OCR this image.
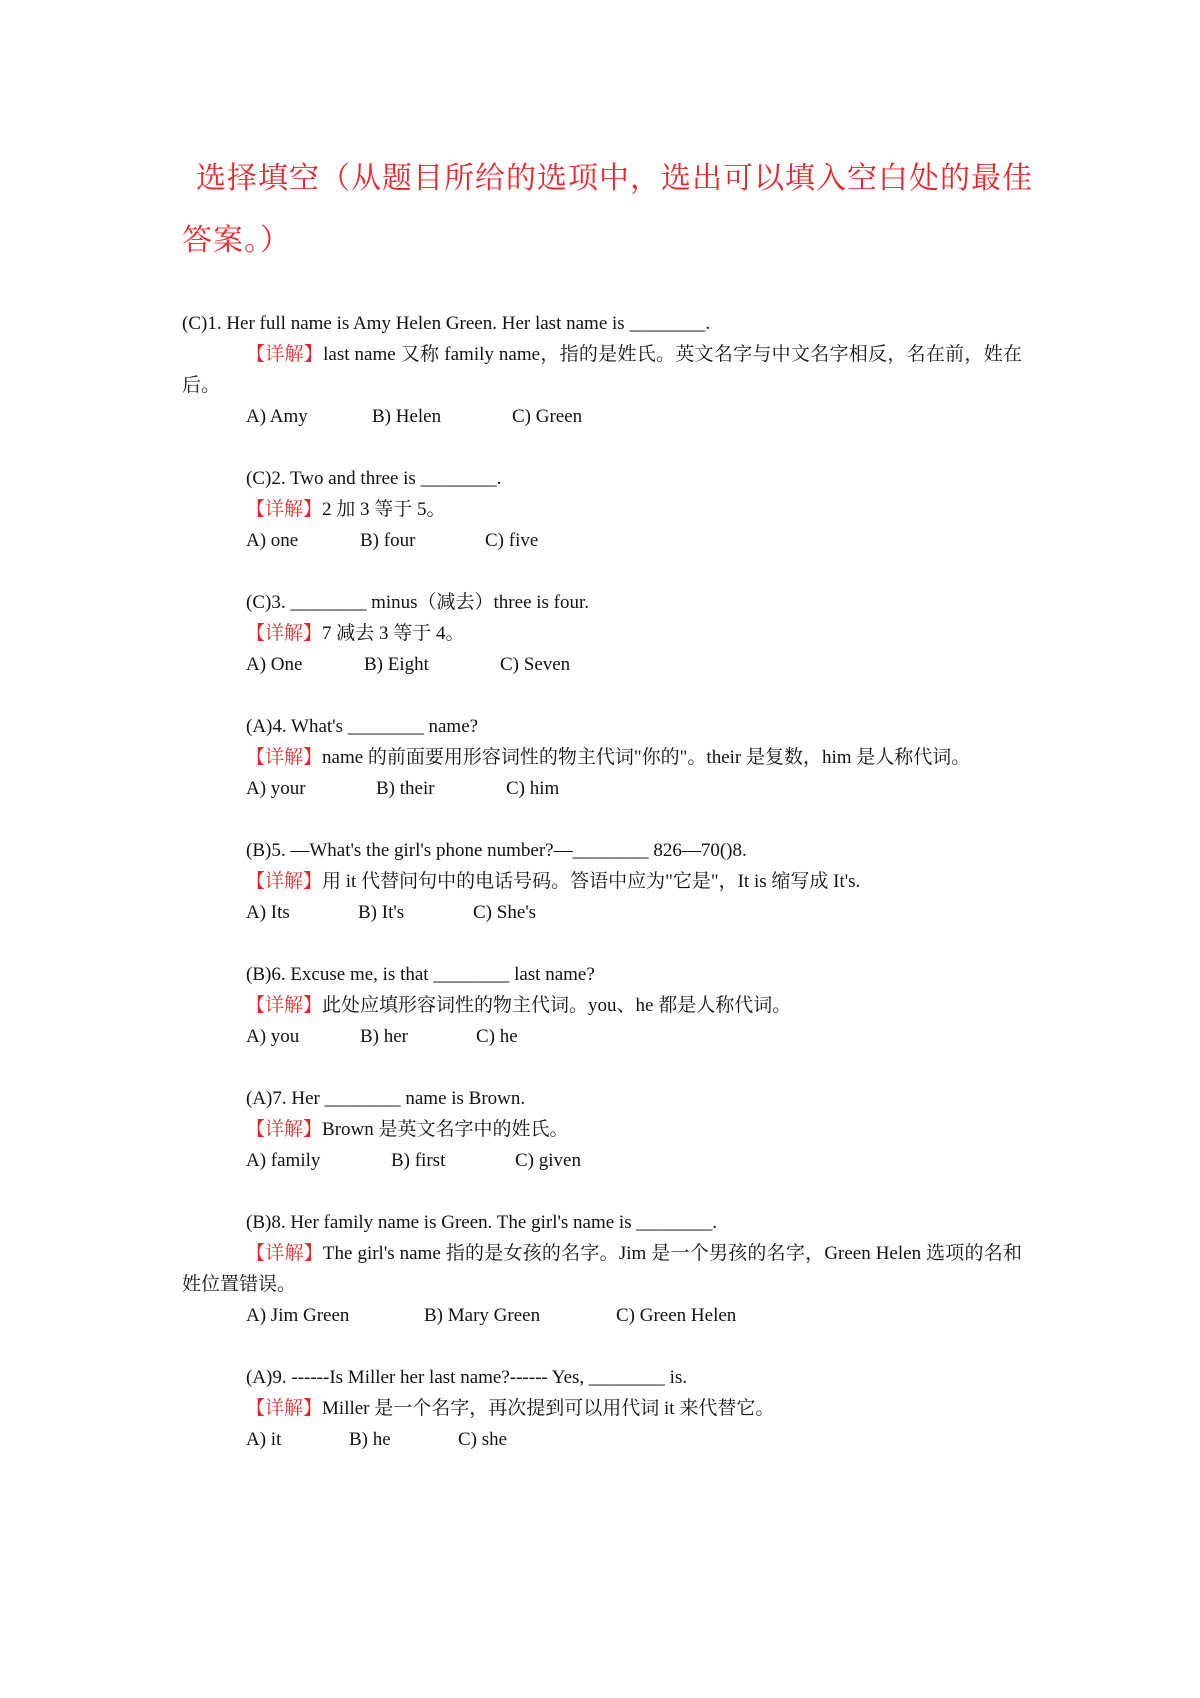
选择填空（从题目所给的选项中，选出可以填入空白处的最佳答案。）

(C)1. Her full name is Amy Helen Green. Her last name is ________.

【详解】last name 又称 family name，指的是姓氏。英文名字与中文名字相反，名在前，姓在后。

A) Amy	B) Helen	C) Green

(C)2. Two and three is ________.

【详解】2 加 3 等于 5。

A) one	B) four	C) five

(C)3. ________ minus（减去）three is four.

【详解】7 减去 3 等于 4。

A) One	B) Eight	C) Seven

(A)4. What's ________ name?

【详解】name 的前面要用形容词性的物主代词"你的"。their 是复数，him 是人称代词。

A) your	B) their	C) him

(B)5. —What's the girl's phone number?—________ 826—70()8.

【详解】用 it 代替问句中的电话号码。答语中应为"它是"，It is 缩写成 It's.

A) Its	B) It's	C) She's

(B)6. Excuse me, is that ________ last name?

【详解】此处应填形容词性的物主代词。you、he 都是人称代词。

A) you	B) her	C) he

(A)7. Her ________ name is Brown.

【详解】Brown 是英文名字中的姓氏。

A) family	B) first	C) given

(B)8. Her family name is Green. The girl's name is ________.

【详解】The girl's name 指的是女孩的名字。Jim 是一个男孩的名字，Green Helen 选项的名和姓位置错误。

A) Jim Green	B) Mary Green	C) Green Helen

(A)9. ------Is Miller her last name?------ Yes, ________ is.

【详解】Miller 是一个名字，再次提到可以用代词 it 来代替它。

A) it	B) he	C) she
